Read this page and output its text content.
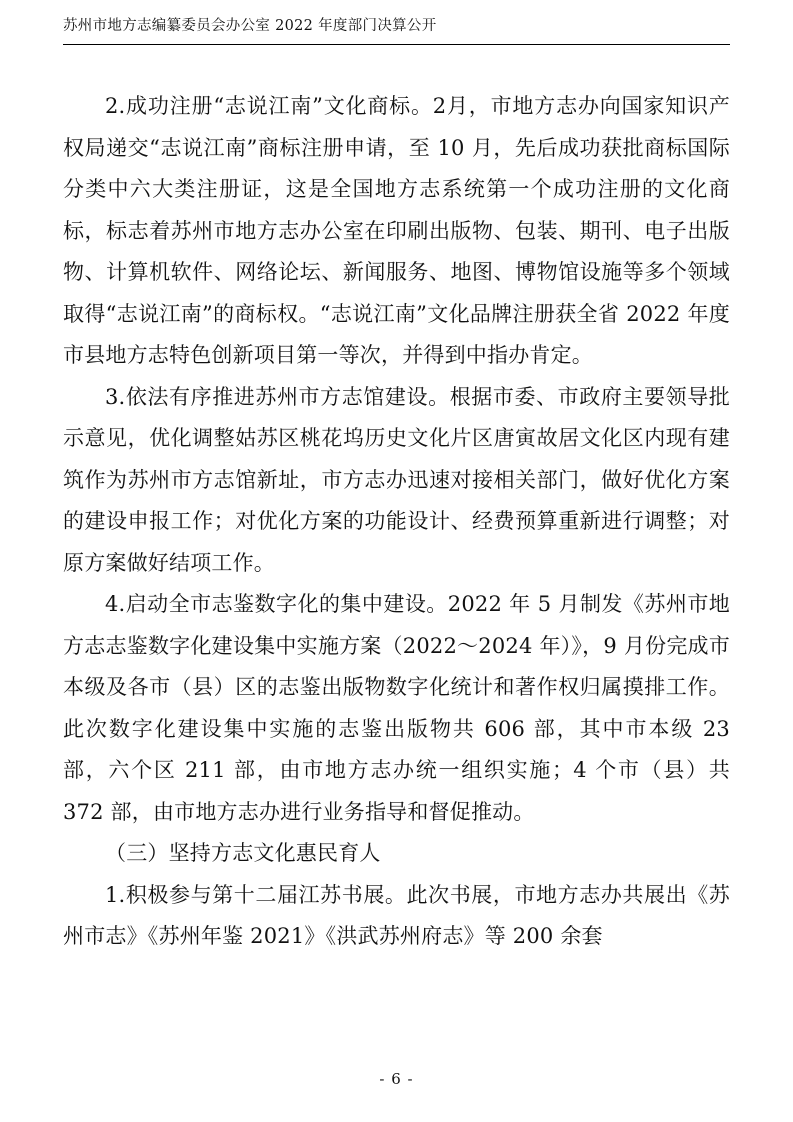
苏州市地方志编纂委员会办公室 2022 年度部门决算公开

2.成功注册“志说江南”文化商标。2月，市地方志办向国家知识产权局递交“志说江南”商标注册申请，至 10 月，先后成功获批商标国际分类中六大类注册证，这是全国地方志系统第一个成功注册的文化商标，标志着苏州市地方志办公室在印刷出版物、包装、期刊、电子出版物、计算机软件、网络论坛、新闻服务、地图、博物馆设施等多个领域取得“志说江南”的商标权。“志说江南”文化品牌注册获全省 2022 年度市县地方志特色创新项目第一等次，并得到中指办肯定。

3.依法有序推进苏州市方志馆建设。根据市委、市政府主要领导批示意见，优化调整姑苏区桃花坞历史文化片区唐寅故居文化区内现有建筑作为苏州市方志馆新址，市方志办迅速对接相关部门，做好优化方案的建设申报工作；对优化方案的功能设计、经费预算重新进行调整；对原方案做好结项工作。

4.启动全市志鉴数字化的集中建设。2022 年 5 月制发《苏州市地方志志鉴数字化建设集中实施方案（2022～2024 年）》，9 月份完成市本级及各市（县）区的志鉴出版物数字化统计和著作权归属摸排工作。此次数字化建设集中实施的志鉴出版物共 606 部，其中市本级 23 部，六个区 211 部，由市地方志办统一组织实施；4 个市（县）共 372 部，由市地方志办进行业务指导和督促推动。

（三）坚持方志文化惠民育人

1.积极参与第十二届江苏书展。此次书展，市地方志办共展出《苏州市志》《苏州年鉴 2021》《洪武苏州府志》等 200 余套

- 6 -
